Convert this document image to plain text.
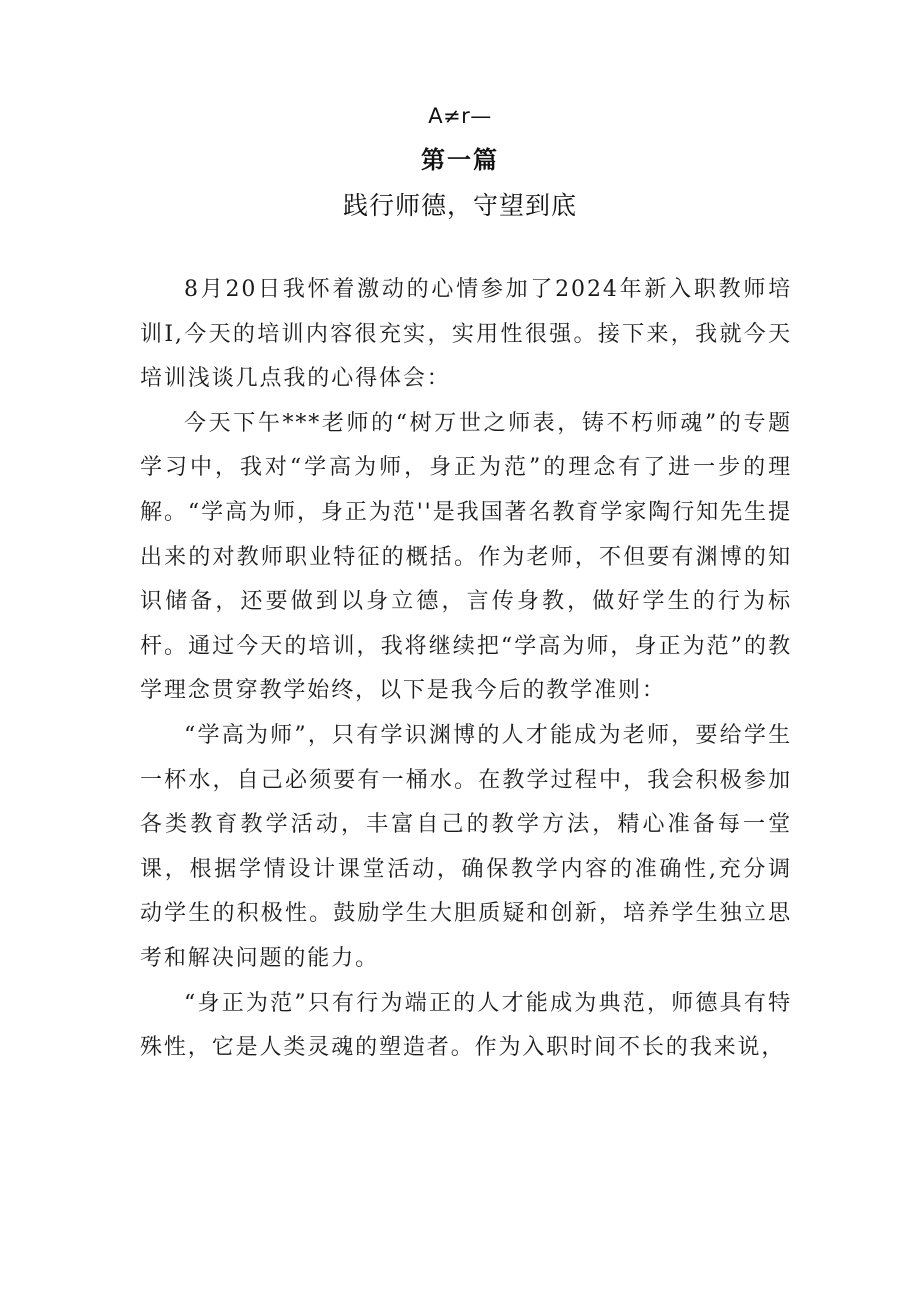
A≠r—
第一篇
践行师德，守望到底

8月20日我怀着激动的心情参加了2024年新入职教师培训I,今天的培训内容很充实，实用性很强。接下来，我就今天培训浅谈几点我的心得体会：

今天下午***老师的“树万世之师表，铸不朽师魂”的专题学习中，我对“学高为师，身正为范”的理念有了进一步的理解。“学高为师，身正为范''是我国著名教育学家陶行知先生提出来的对教师职业特征的概括。作为老师，不但要有渊博的知识储备，还要做到以身立德，言传身教，做好学生的行为标杆。通过今天的培训，我将继续把“学高为师，身正为范”的教学理念贯穿教学始终，以下是我今后的教学准则：

“学高为师”，只有学识渊博的人才能成为老师，要给学生一杯水，自己必须要有一桶水。在教学过程中，我会积极参加各类教育教学活动，丰富自己的教学方法，精心准备每一堂课，根据学情设计课堂活动，确保教学内容的准确性,充分调动学生的积极性。鼓励学生大胆质疑和创新，培养学生独立思考和解决问题的能力。

“身正为范”只有行为端正的人才能成为典范，师德具有特殊性，它是人类灵魂的塑造者。作为入职时间不长的我来说，
